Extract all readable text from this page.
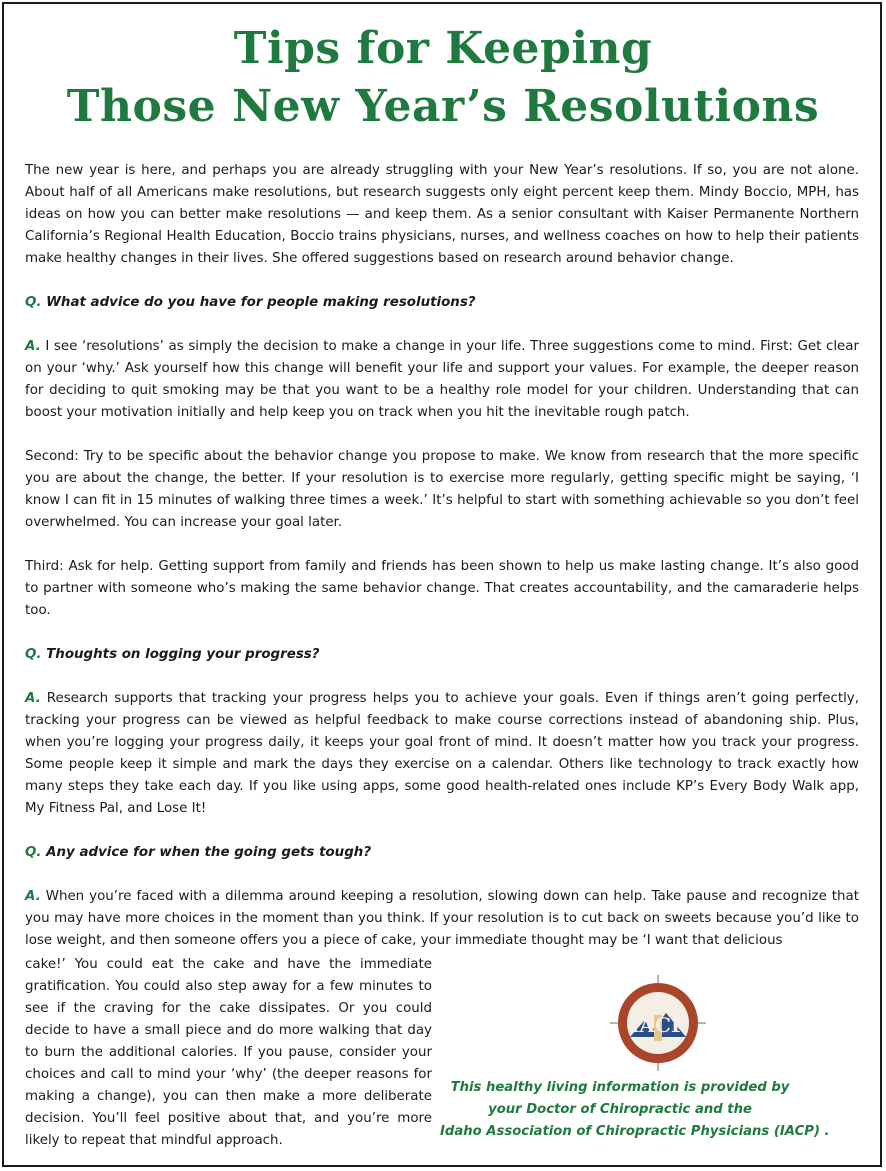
Tips for Keeping
Those New Year’s Resolutions

The new year is here, and perhaps you are already struggling with your New Year’s resolutions. If so, you are not alone. About half of all Americans make resolutions, but research suggests only eight percent keep them. Mindy Boccio, MPH, has ideas on how you can better make resolutions — and keep them. As a senior consultant with Kaiser Permanente Northern California’s Regional Health Education, Boccio trains physicians, nurses, and wellness coaches on how to help their patients make healthy changes in their lives. She offered suggestions based on research around behavior change.

Q. What advice do you have for people making resolutions?

A. I see ‘resolutions’ as simply the decision to make a change in your life. Three suggestions come to mind. First: Get clear on your ‘why.’ Ask yourself how this change will benefit your life and support your values. For example, the deeper reason for deciding to quit smoking may be that you want to be a healthy role model for your children. Understanding that can boost your motivation initially and help keep you on track when you hit the inevitable rough patch.

Second: Try to be specific about the behavior change you propose to make. We know from research that the more specific you are about the change, the better. If your resolution is to exercise more regularly, getting specific might be saying, ‘I know I can fit in 15 minutes of walking three times a week.’ It’s helpful to start with something achievable so you don’t feel overwhelmed. You can increase your goal later.

Third: Ask for help. Getting support from family and friends has been shown to help us make lasting change. It’s also good to partner with someone who’s making the same behavior change. That creates accountability, and the camaraderie helps too.

Q. Thoughts on logging your progress?

A. Research supports that tracking your progress helps you to achieve your goals. Even if things aren’t going perfectly, tracking your progress can be viewed as helpful feedback to make course corrections instead of abandoning ship. Plus, when you’re logging your progress daily, it keeps your goal front of mind. It doesn’t matter how you track your progress. Some people keep it simple and mark the days they exercise on a calendar. Others like technology to track exactly how many steps they take each day. If you like using apps, some good health-related ones include KP’s Every Body Walk app, My Fitness Pal, and Lose It!

Q. Any advice for when the going gets tough?

A. When you’re faced with a dilemma around keeping a resolution, slowing down can help. Take pause and recognize that you may have more choices in the moment than you think. If your resolution is to cut back on sweets because you’d like to lose weight, and then someone offers you a piece of cake, your immediate thought may be ‘I want that delicious

cake!’ You could eat the cake and have the immediate gratification. You could also step away for a few minutes to see if the craving for the cake dissipates. Or you could decide to have a small piece and do more walking that day to burn the additional calories. If you pause, consider your choices and call to mind your ‘why’ (the deeper reasons for making a change), you can then make a more deliberate decision. You’ll feel positive about that, and you’re more likely to repeat that mindful approach.
IACP
This healthy living information is provided by
your Doctor of Chiropractic and the
Idaho Association of Chiropractic Physicians (IACP) .
